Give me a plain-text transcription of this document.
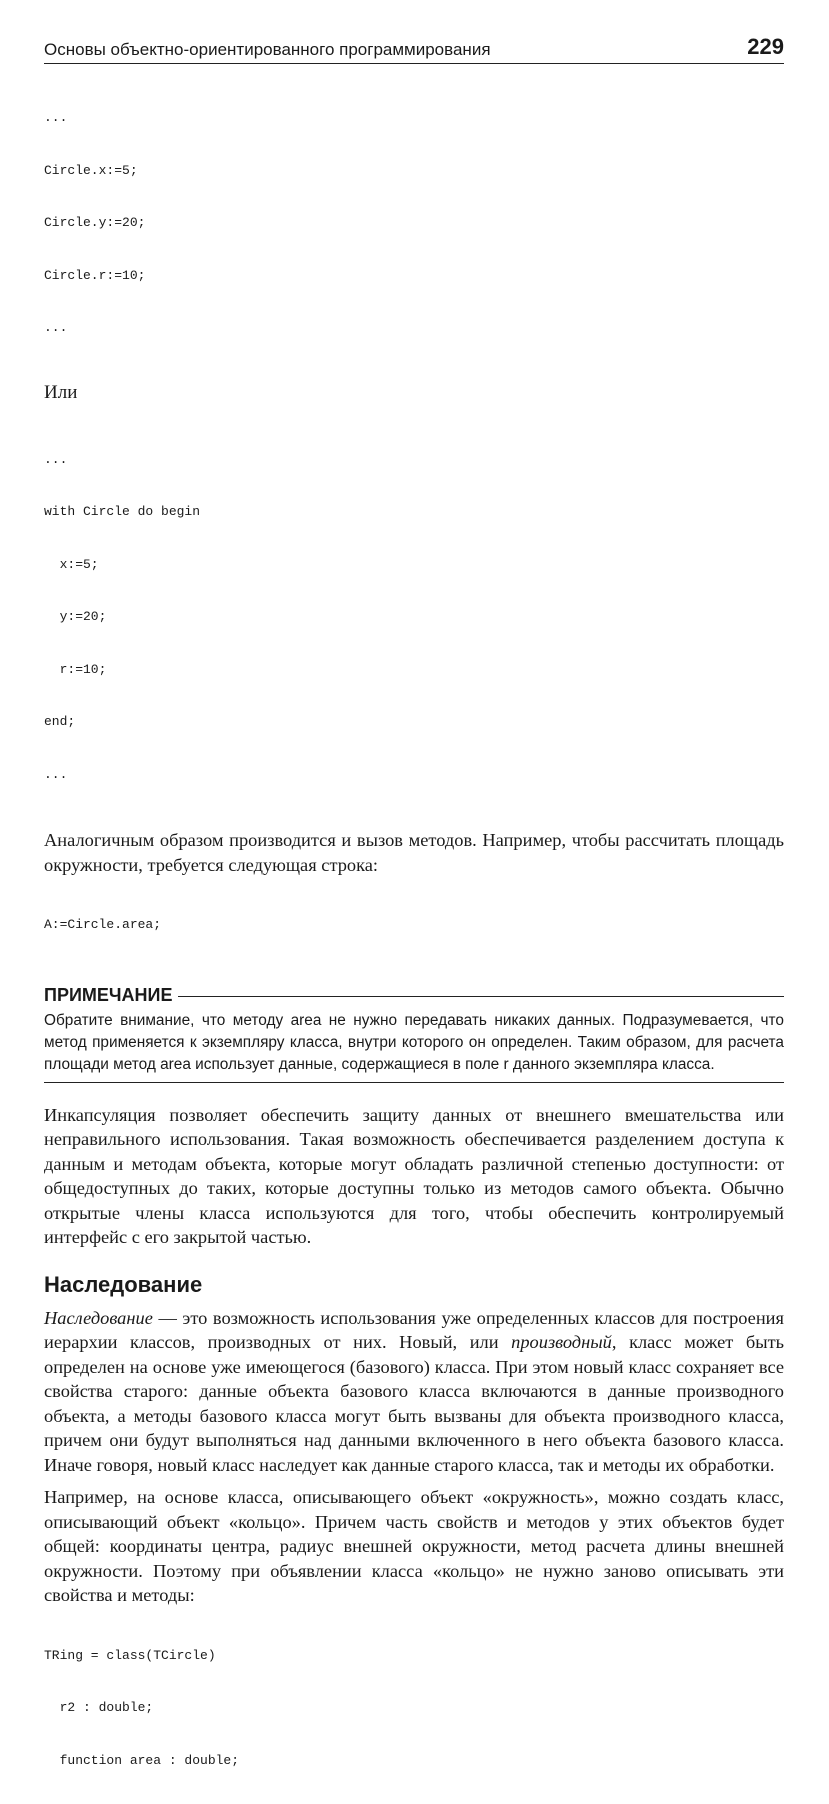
Основы объектно-ориентированного программирования	229

...

Circle.x:=5;

Circle.y:=20;

Circle.r:=10;

...

Или

...

with Circle do begin

x:=5;

y:=20;

r:=10;

end;

...

Аналогичным образом производится и вызов методов. Например, чтобы рассчитать площадь окружности, требуется следующая строка:

A:=Circle.area;

ПРИМЕЧАНИЕ

Обратите внимание, что методу area не нужно передавать никаких данных. Подразумевается, что метод применяется к экземпляру класса, внутри которого он определен. Таким образом, для расчета площади метод area использует данные, содержащиеся в поле r данного экземпляра класса.

Инкапсуляция позволяет обеспечить защиту данных от внешнего вмешательства или неправильного использования. Такая возможность обеспечивается разделением доступа к данным и методам объекта, которые могут обладать различной степенью доступности: от общедоступных до таких, которые доступны только из методов самого объекта. Обычно открытые члены класса используются для того, чтобы обеспечить контролируемый интерфейс с его закрытой частью.

Наследование

Наследование — это возможность использования уже определенных классов для построения иерархии классов, производных от них. Новый, или производный, класс может быть определен на основе уже имеющегося (базового) класса. При этом новый класс сохраняет все свойства старого: данные объекта базового класса включаются в данные производного объекта, а методы базового класса могут быть вызваны для объекта производного класса, причем они будут выполняться над данными включенного в него объекта базового класса. Иначе говоря, новый класс наследует как данные старого класса, так и методы их обработки.

Например, на основе класса, описывающего объект «окружность», можно создать класс, описывающий объект «кольцо». Причем часть свойств и методов у этих объектов будет общей: координаты центра, радиус внешней окружности, метод расчета длины внешней окружности. Поэтому при объявлении класса «кольцо» не нужно заново описывать эти свойства и методы:

TRing = class(TCircle)

r2 : double;

function area : double;
